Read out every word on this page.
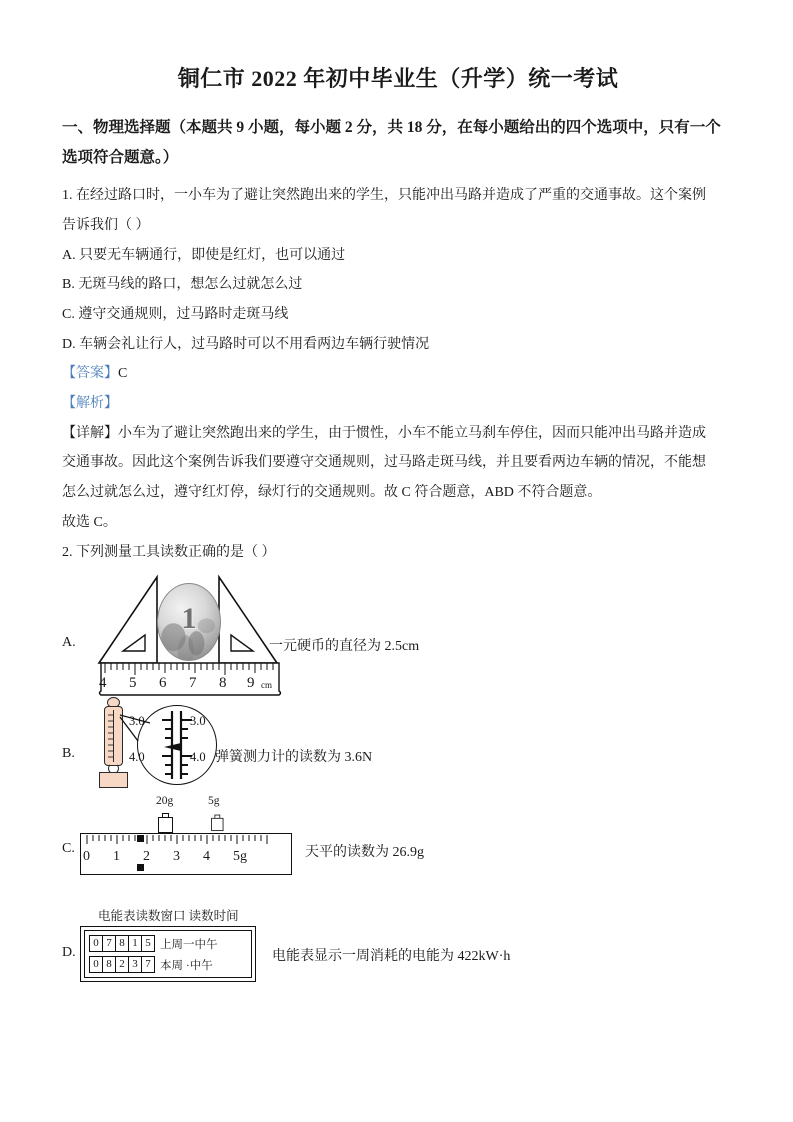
铜仁市 2022 年初中毕业生（升学）统一考试
一、物理选择题（本题共 9 小题，每小题 2 分，共 18 分，在每小题给出的四个选项中，只有一个选项符合题意。）

1. 在经过路口时，一小车为了避让突然跑出来的学生，只能冲出马路并造成了严重的交通事故。这个案例

告诉我们（ ）

A. 只要无车辆通行，即使是红灯，也可以通过

B. 无斑马线的路口，想怎么过就怎么过

C. 遵守交通规则，过马路时走斑马线

D. 车辆会礼让行人，过马路时可以不用看两边车辆行驶情况

【答案】C

【解析】

【详解】小车为了避让突然跑出来的学生，由于惯性，小车不能立马刹车停住，因而只能冲出马路并造成

交通事故。因此这个案例告诉我们要遵守交通规则，过马路走斑马线，并且要看两边车辆的情况，不能想

怎么过就怎么过，遵守红灯停，绿灯行的交通规则。故 C 符合题意，ABD 不符合题意。

故选 C。

2. 下列测量工具读数正确的是（ ）

A.
1
4 5 6 7 8 9 cm
一元硬币的直径为 2.5cm
B.
3.0
4.0
3.0
4.0 弹簧测力计的读数为 3.6N
C.
20g	5g
0 1 2 3 4 5g	天平的读数为 26.9g
D.
电能表读数窗口 读数时间
0 7 8 1 5 上周一中午
0 8 2 3 7 本周 ·中午
电能表显示一周消耗的电能为 422kW·h
